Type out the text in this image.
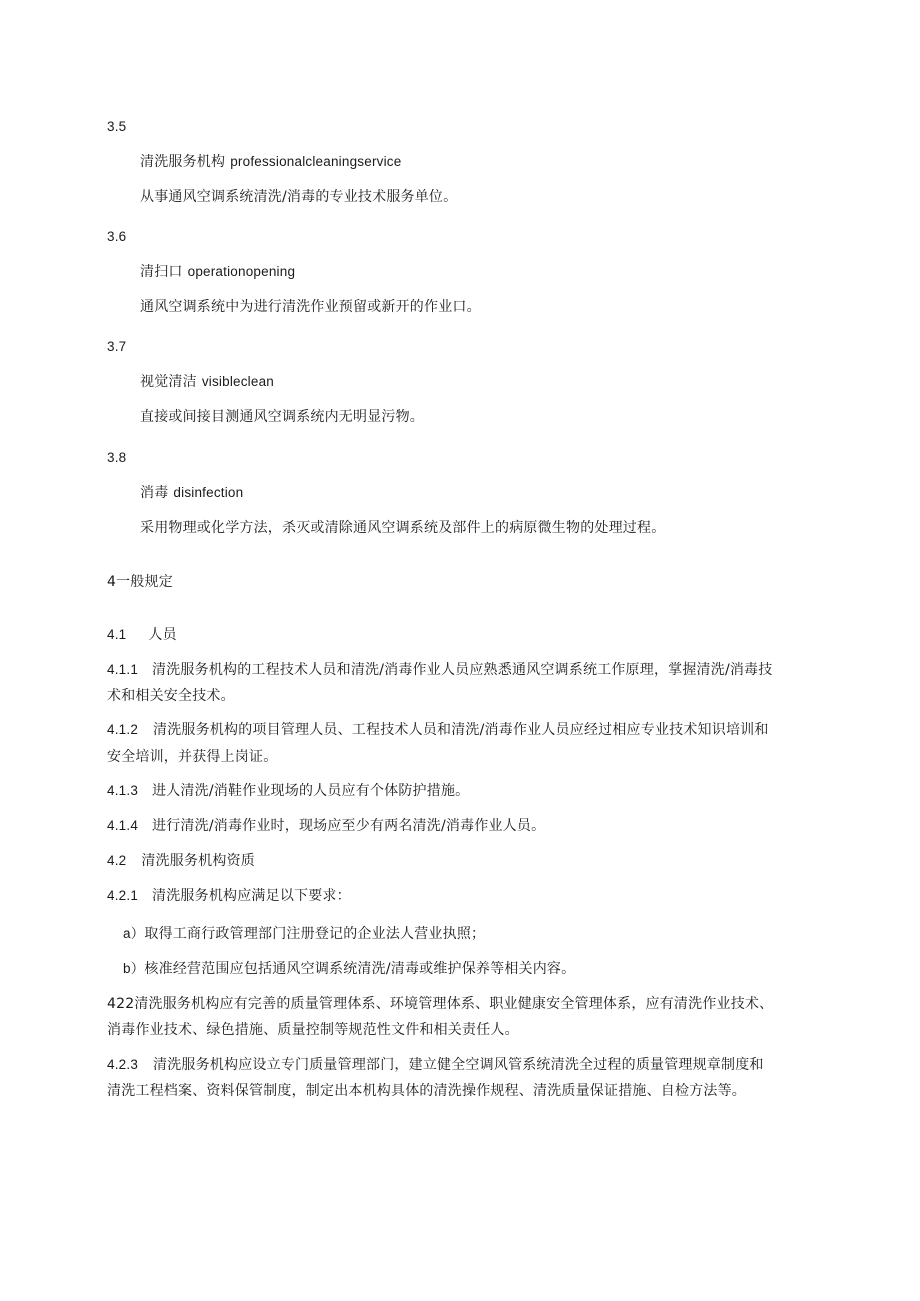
3.5
清洗服务机构 professionalcleaningservice
从事通风空调系统清洗/消毒的专业技术服务单位。
3.6
清扫口 operationopening
通风空调系统中为进行清洗作业预留或新开的作业口。
3.7
视觉清洁 visibleclean
直接或间接目测通风空调系统内无明显污物。
3.8
消毒 disinfection
采用物理或化学方法，杀灭或清除通风空调系统及部件上的病原微生物的处理过程。
4一般规定
4.1 人员
4.1.1 清洗服务机构的工程技术人员和清洗/消毒作业人员应熟悉通风空调系统工作原理，掌握清洗/消毒技
术和相关安全技术。
4.1.2 清洗服务机构的项目管理人员、工程技术人员和清洗/消毒作业人员应经过相应专业技术知识培训和
安全培训，并获得上岗证。
4.1.3 进人清洗/消鞋作业现场的人员应有个体防护措施。
4.1.4 进行清洗/消毒作业时，现场应至少有两名清洗/消毒作业人员。
4.2 清洗服务机构资质
4.2.1 清洗服务机构应满足以下要求：
a）取得工商行政管理部门注册登记的企业法人营业执照；
b）核准经营范围应包括通风空调系统清洗/清毒或维护保养等相关内容。
422清洗服务机构应有完善的质量管理体系、环境管理体系、职业健康安全管理体系，应有清洗作业技术、
消毒作业技术、绿色措施、质量控制等规范性文件和相关责任人。
4.2.3 清洗服务机构应设立专门质量管理部门，建立健全空调风管系统清洗全过程的质量管理规章制度和
清洗工程档案、资料保管制度，制定出本机构具体的清洗操作规程、清洗质量保证措施、自检方法等。
